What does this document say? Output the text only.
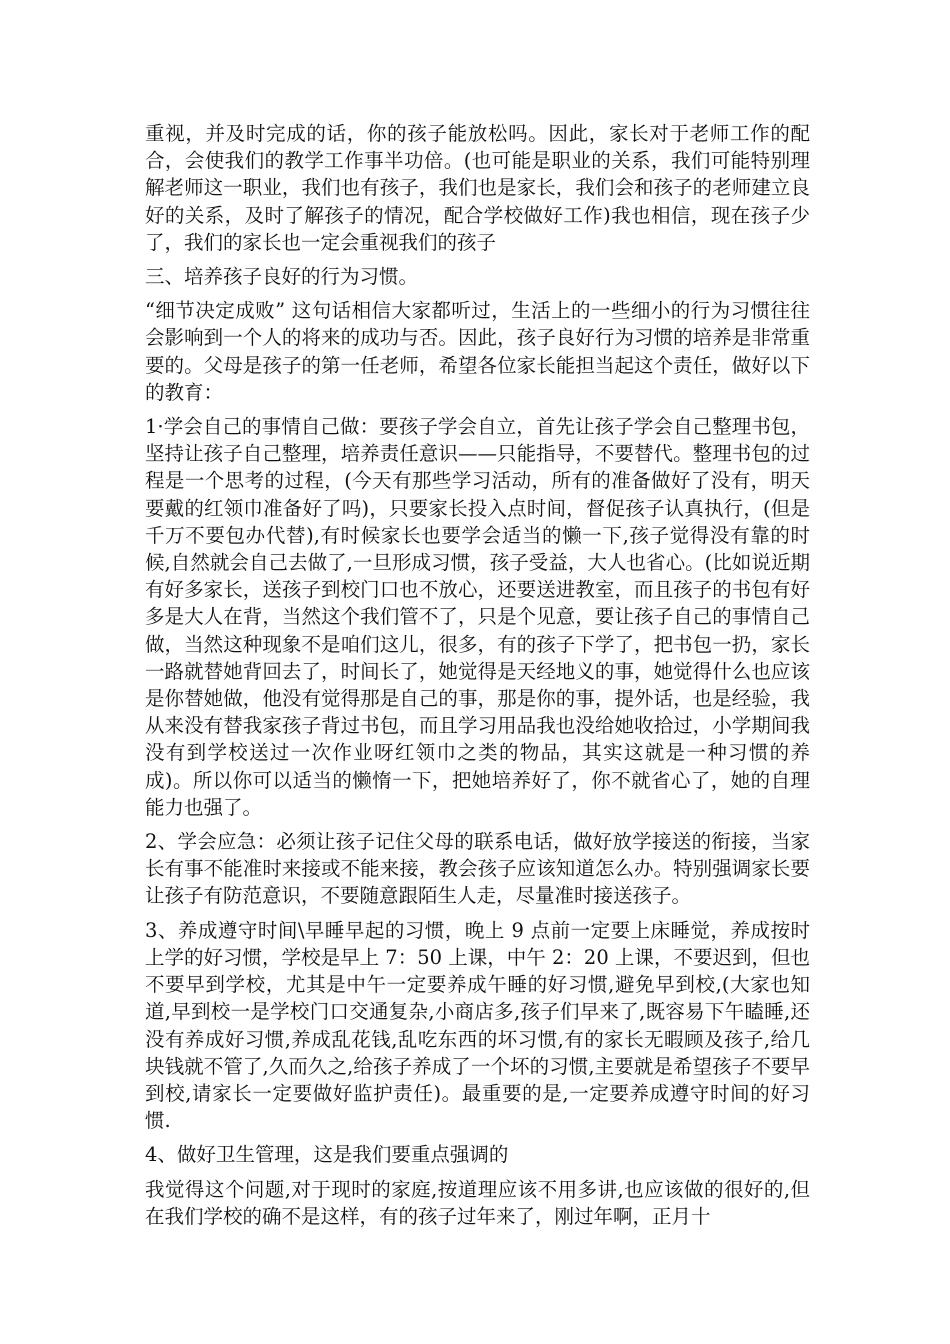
重视，并及时完成的话，你的孩子能放松吗。因此，家长对于老师工作的配合，会使我们的教学工作事半功倍。(也可能是职业的关系，我们可能特别理解老师这一职业，我们也有孩子，我们也是家长，我们会和孩子的老师建立良好的关系，及时了解孩子的情况，配合学校做好工作)我也相信，现在孩子少了，我们的家长也一定会重视我们的孩子

三、培养孩子良好的行为习惯。

“细节决定成败” 这句话相信大家都听过，生活上的一些细小的行为习惯往往会影响到一个人的将来的成功与否。因此，孩子良好行为习惯的培养是非常重要的。父母是孩子的第一任老师，希望各位家长能担当起这个责任，做好以下的教育：

1·学会自己的事情自己做：要孩子学会自立，首先让孩子学会自己整理书包，坚持让孩子自己整理，培养责任意识——只能指导，不要替代。整理书包的过程是一个思考的过程，(今天有那些学习活动，所有的准备做好了没有，明天要戴的红领巾准备好了吗)，只要家长投入点时间，督促孩子认真执行，(但是千万不要包办代替),有时候家长也要学会适当的懒一下,孩子觉得没有靠的时候,自然就会自己去做了,一旦形成习惯，孩子受益，大人也省心。(比如说近期有好多家长，送孩子到校门口也不放心，还要送进教室，而且孩子的书包有好多是大人在背，当然这个我们管不了，只是个见意，要让孩子自己的事情自己做，当然这种现象不是咱们这儿，很多，有的孩子下学了，把书包一扔，家长一路就替她背回去了，时间长了，她觉得是天经地义的事，她觉得什么也应该是你替她做，他没有觉得那是自己的事，那是你的事，提外话，也是经验，我从来没有替我家孩子背过书包，而且学习用品我也没给她收拾过，小学期间我没有到学校送过一次作业呀红领巾之类的物品，其实这就是一种习惯的养成)。所以你可以适当的懒惰一下，把她培养好了，你不就省心了，她的自理能力也强了。

2、学会应急：必须让孩子记住父母的联系电话，做好放学接送的衔接，当家长有事不能准时来接或不能来接，教会孩子应该知道怎么办。特别强调家长要让孩子有防范意识，不要随意跟陌生人走，尽量准时接送孩子。

3、养成遵守时间\早睡早起的习惯，晚上 9 点前一定要上床睡觉，养成按时上学的好习惯，学校是早上 7：50 上课，中午 2：20 上课，不要迟到，但也不要早到学校，尤其是中午一定要养成午睡的好习惯,避免早到校,(大家也知道,早到校一是学校门口交通复杂,小商店多,孩子们早来了,既容易下午瞌睡,还没有养成好习惯,养成乱花钱,乱吃东西的坏习惯,有的家长无暇顾及孩子,给几块钱就不管了,久而久之,给孩子养成了一个坏的习惯,主要就是希望孩子不要早到校,请家长一定要做好监护责任)。最重要的是,一定要养成遵守时间的好习惯.

4、做好卫生管理，这是我们要重点强调的

我觉得这个问题,对于现时的家庭,按道理应该不用多讲,也应该做的很好的,但在我们学校的确不是这样，有的孩子过年来了，刚过年啊，正月十
